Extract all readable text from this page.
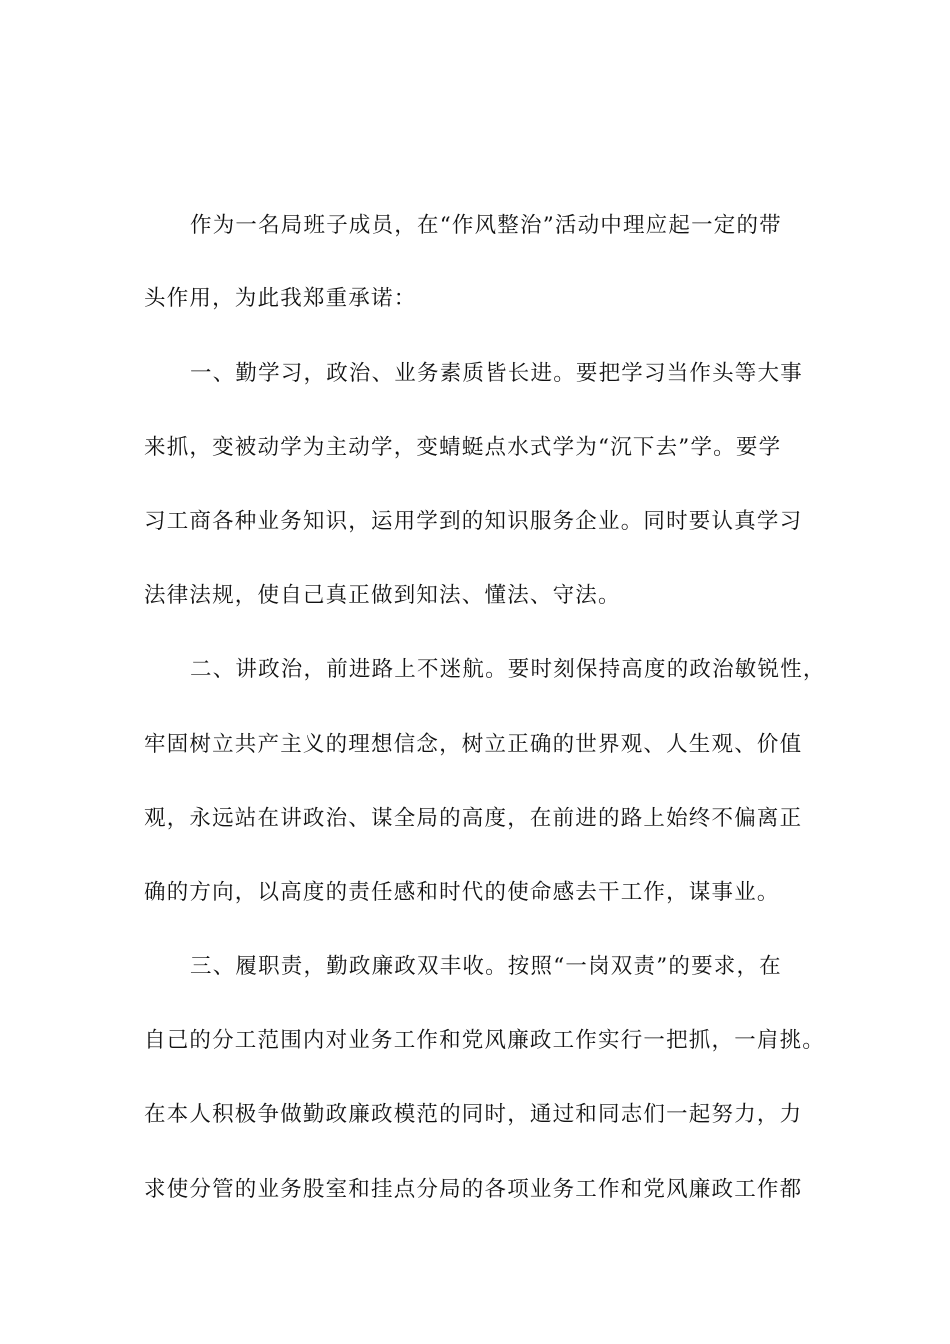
作为一名局班子成员，在“作风整治”活动中理应起一定的带
头作用，为此我郑重承诺：
一、勤学习，政治、业务素质皆长进。要把学习当作头等大事
来抓，变被动学为主动学，变蜻蜓点水式学为“沉下去”学。要学
习工商各种业务知识，运用学到的知识服务企业。同时要认真学习
法律法规，使自己真正做到知法、懂法、守法。
二、讲政治，前进路上不迷航。要时刻保持高度的政治敏锐性，
牢固树立共产主义的理想信念，树立正确的世界观、人生观、价值
观，永远站在讲政治、谋全局的高度，在前进的路上始终不偏离正
确的方向，以高度的责任感和时代的使命感去干工作，谋事业。
三、履职责，勤政廉政双丰收。按照“一岗双责”的要求，在
自己的分工范围内对业务工作和党风廉政工作实行一把抓，一肩挑。
在本人积极争做勤政廉政模范的同时，通过和同志们一起努力，力
求使分管的业务股室和挂点分局的各项业务工作和党风廉政工作都
